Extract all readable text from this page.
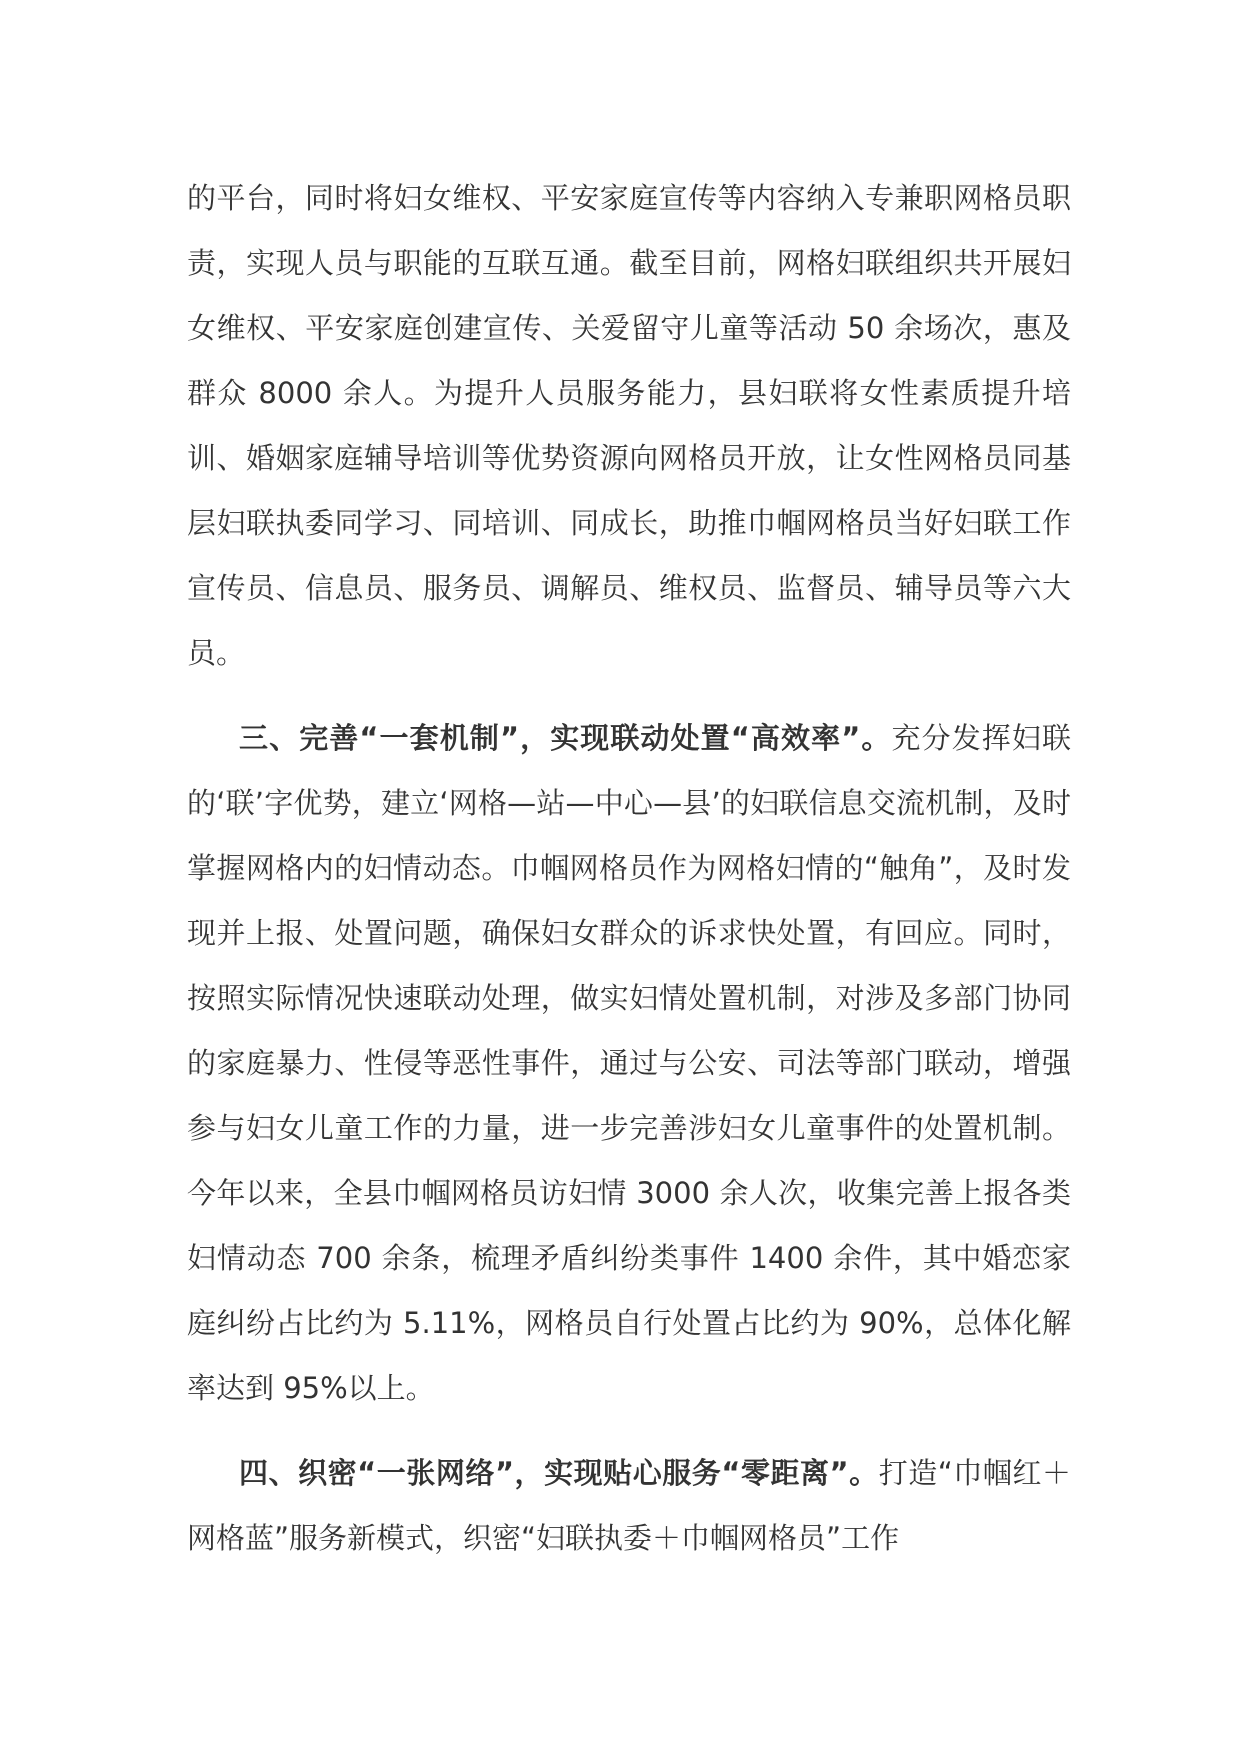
的平台，同时将妇女维权、平安家庭宣传等内容纳入专兼职网格员职责，实现人员与职能的互联互通。截至目前，网格妇联组织共开展妇女维权、平安家庭创建宣传、关爱留守儿童等活动 50 余场次，惠及群众 8000 余人。为提升人员服务能力，县妇联将女性素质提升培训、婚姻家庭辅导培训等优势资源向网格员开放，让女性网格员同基层妇联执委同学习、同培训、同成长，助推巾帼网格员当好妇联工作宣传员、信息员、服务员、调解员、维权员、监督员、辅导员等六大员。

三、完善“一套机制”，实现联动处置“高效率”。充分发挥妇联的‘联’字优势，建立‘网格—站—中心—县’的妇联信息交流机制，及时掌握网格内的妇情动态。巾帼网格员作为网格妇情的“触角”，及时发现并上报、处置问题，确保妇女群众的诉求快处置，有回应。同时，按照实际情况快速联动处理，做实妇情处置机制，对涉及多部门协同的家庭暴力、性侵等恶性事件，通过与公安、司法等部门联动，增强参与妇女儿童工作的力量，进一步完善涉妇女儿童事件的处置机制。今年以来，全县巾帼网格员访妇情 3000 余人次，收集完善上报各类妇情动态 700 余条，梳理矛盾纠纷类事件 1400 余件，其中婚恋家庭纠纷占比约为 5.11%，网格员自行处置占比约为 90%，总体化解率达到 95%以上。

四、织密“一张网络”，实现贴心服务“零距离”。打造“巾帼红＋网格蓝”服务新模式，织密“妇联执委＋巾帼网格员”工作
